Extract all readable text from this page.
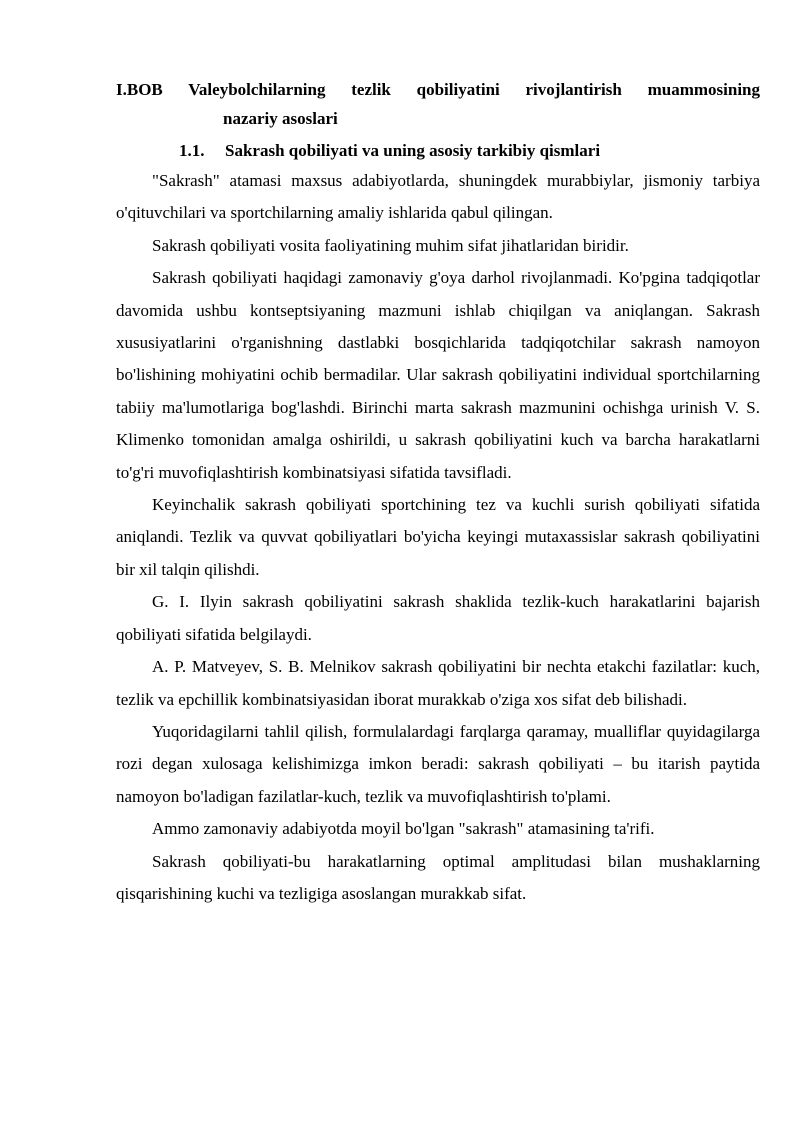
I.BOB Valeybolchilarning tezlik qobiliyatini rivojlantirish muammosining

nazariy asoslari

1.1. Sakrash qobiliyati va uning asosiy tarkibiy qismlari

"Sakrash" atamasi maxsus adabiyotlarda, shuningdek murabbiylar, jismoniy tarbiya o'qituvchilari va sportchilarning amaliy ishlarida qabul qilingan.

Sakrash qobiliyati vosita faoliyatining muhim sifat jihatlaridan biridir.

Sakrash qobiliyati haqidagi zamonaviy g'oya darhol rivojlanmadi. Ko'pgina tadqiqotlar davomida ushbu kontseptsiyaning mazmuni ishlab chiqilgan va aniqlangan. Sakrash xususiyatlarini o'rganishning dastlabki bosqichlarida tadqiqotchilar sakrash namoyon bo'lishining mohiyatini ochib bermadilar. Ular sakrash qobiliyatini individual sportchilarning tabiiy ma'lumotlariga bog'lashdi. Birinchi marta sakrash mazmunini ochishga urinish V. S. Klimenko tomonidan amalga oshirildi, u sakrash qobiliyatini kuch va barcha harakatlarni to'g'ri muvofiqlashtirish kombinatsiyasi sifatida tavsifladi.

Keyinchalik sakrash qobiliyati sportchining tez va kuchli surish qobiliyati sifatida aniqlandi. Tezlik va quvvat qobiliyatlari bo'yicha keyingi mutaxassislar sakrash qobiliyatini bir xil talqin qilishdi.

G. I. Ilyin sakrash qobiliyatini sakrash shaklida tezlik-kuch harakatlarini bajarish qobiliyati sifatida belgilaydi.

A. P. Matveyev, S. B. Melnikov sakrash qobiliyatini bir nechta etakchi fazilatlar: kuch, tezlik va epchillik kombinatsiyasidan iborat murakkab o'ziga xos sifat deb bilishadi.

Yuqoridagilarni tahlil qilish, formulalardagi farqlarga qaramay, mualliflar quyidagilarga rozi degan xulosaga kelishimizga imkon beradi: sakrash qobiliyati – bu itarish paytida namoyon bo'ladigan fazilatlar-kuch, tezlik va muvofiqlashtirish to'plami.

Ammo zamonaviy adabiyotda moyil bo'lgan "sakrash" atamasining ta'rifi.

Sakrash qobiliyati-bu harakatlarning optimal amplitudasi bilan mushaklarning qisqarishining kuchi va tezligiga asoslangan murakkab sifat.
